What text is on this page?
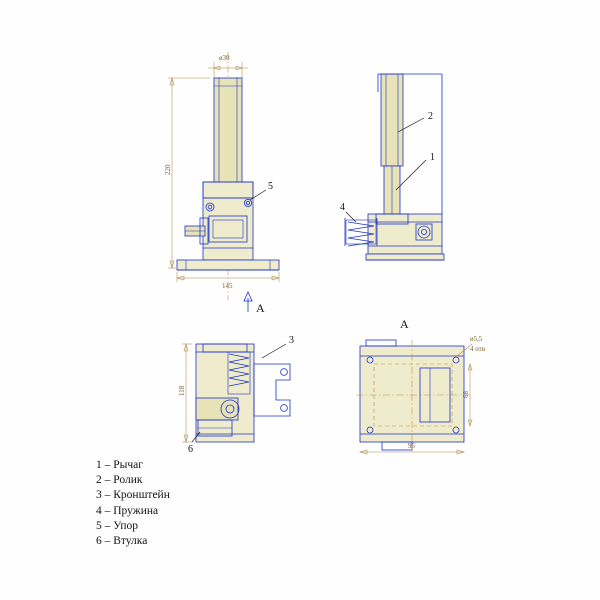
ø30
220
145
5
A
2
1
4
118
3
6
A
ø5,5
4 отв
68
95
1 – Рычаг
2 – Ролик
3 – Кронштейн
4 – Пружина
5 – Упор
6 – Втулка
